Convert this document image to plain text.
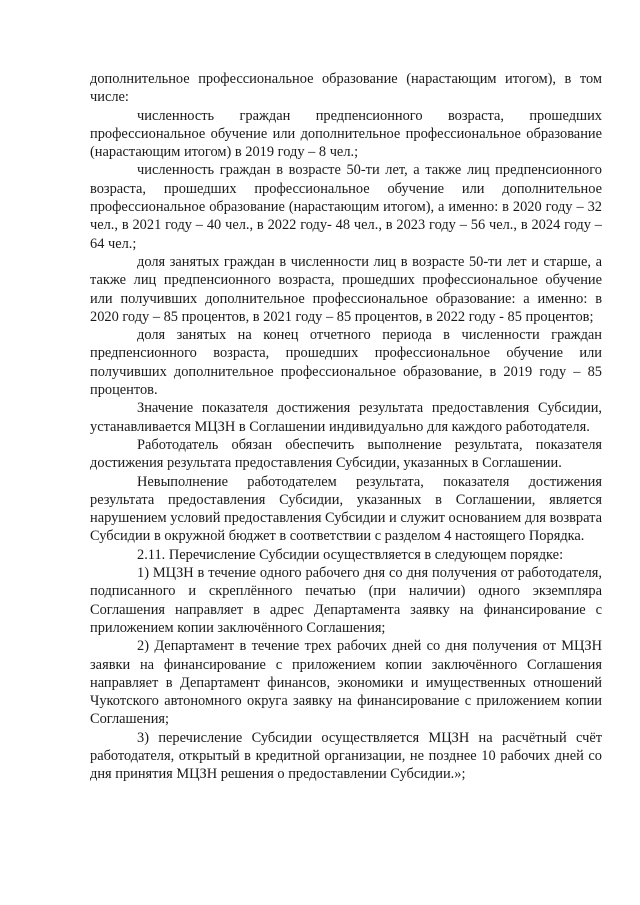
дополнительное профессиональное образование (нарастающим итогом), в том числе:

численность граждан предпенсионного возраста, прошедших профессиональное обучение или дополнительное профессиональное образование (нарастающим итогом) в 2019 году – 8 чел.;

численность граждан в возрасте 50-ти лет, а также лиц предпенсионного возраста, прошедших профессиональное обучение или дополнительное профессиональное образование (нарастающим итогом), а именно: в 2020 году – 32 чел., в 2021 году – 40 чел., в 2022 году- 48 чел., в 2023 году – 56 чел., в 2024 году – 64 чел.;

доля занятых граждан в численности лиц в возрасте 50-ти лет и старше, а также лиц предпенсионного возраста, прошедших профессиональное обучение или получивших дополнительное профессиональное образование: а именно: в 2020 году – 85 процентов, в 2021 году – 85 процентов, в 2022 году - 85 процентов;

доля занятых на конец отчетного периода в численности граждан предпенсионного возраста, прошедших профессиональное обучение или получивших дополнительное профессиональное образование, в 2019 году – 85 процентов.

Значение показателя достижения результата предоставления Субсидии, устанавливается МЦЗН в Соглашении индивидуально для каждого работодателя.

Работодатель обязан обеспечить выполнение результата, показателя достижения результата предоставления Субсидии, указанных в Соглашении.

Невыполнение работодателем результата, показателя достижения результата предоставления Субсидии, указанных в Соглашении, является нарушением условий предоставления Субсидии и служит основанием для возврата Субсидии в окружной бюджет в соответствии с разделом 4 настоящего Порядка.

2.11. Перечисление Субсидии осуществляется в следующем порядке:

1) МЦЗН в течение одного рабочего дня со дня получения от работодателя, подписанного и скреплённого печатью (при наличии) одного экземпляра Соглашения направляет в адрес Департамента заявку на финансирование с приложением копии заключённого Соглашения;

2) Департамент в течение трех рабочих дней со дня получения от МЦЗН заявки на финансирование с приложением копии заключённого Соглашения направляет в Департамент финансов, экономики и имущественных отношений Чукотского автономного округа заявку на финансирование с приложением копии Соглашения;

3) перечисление Субсидии осуществляется МЦЗН на расчётный счёт работодателя, открытый в кредитной организации, не позднее 10 рабочих дней со дня принятия МЦЗН решения о предоставлении Субсидии.»;
